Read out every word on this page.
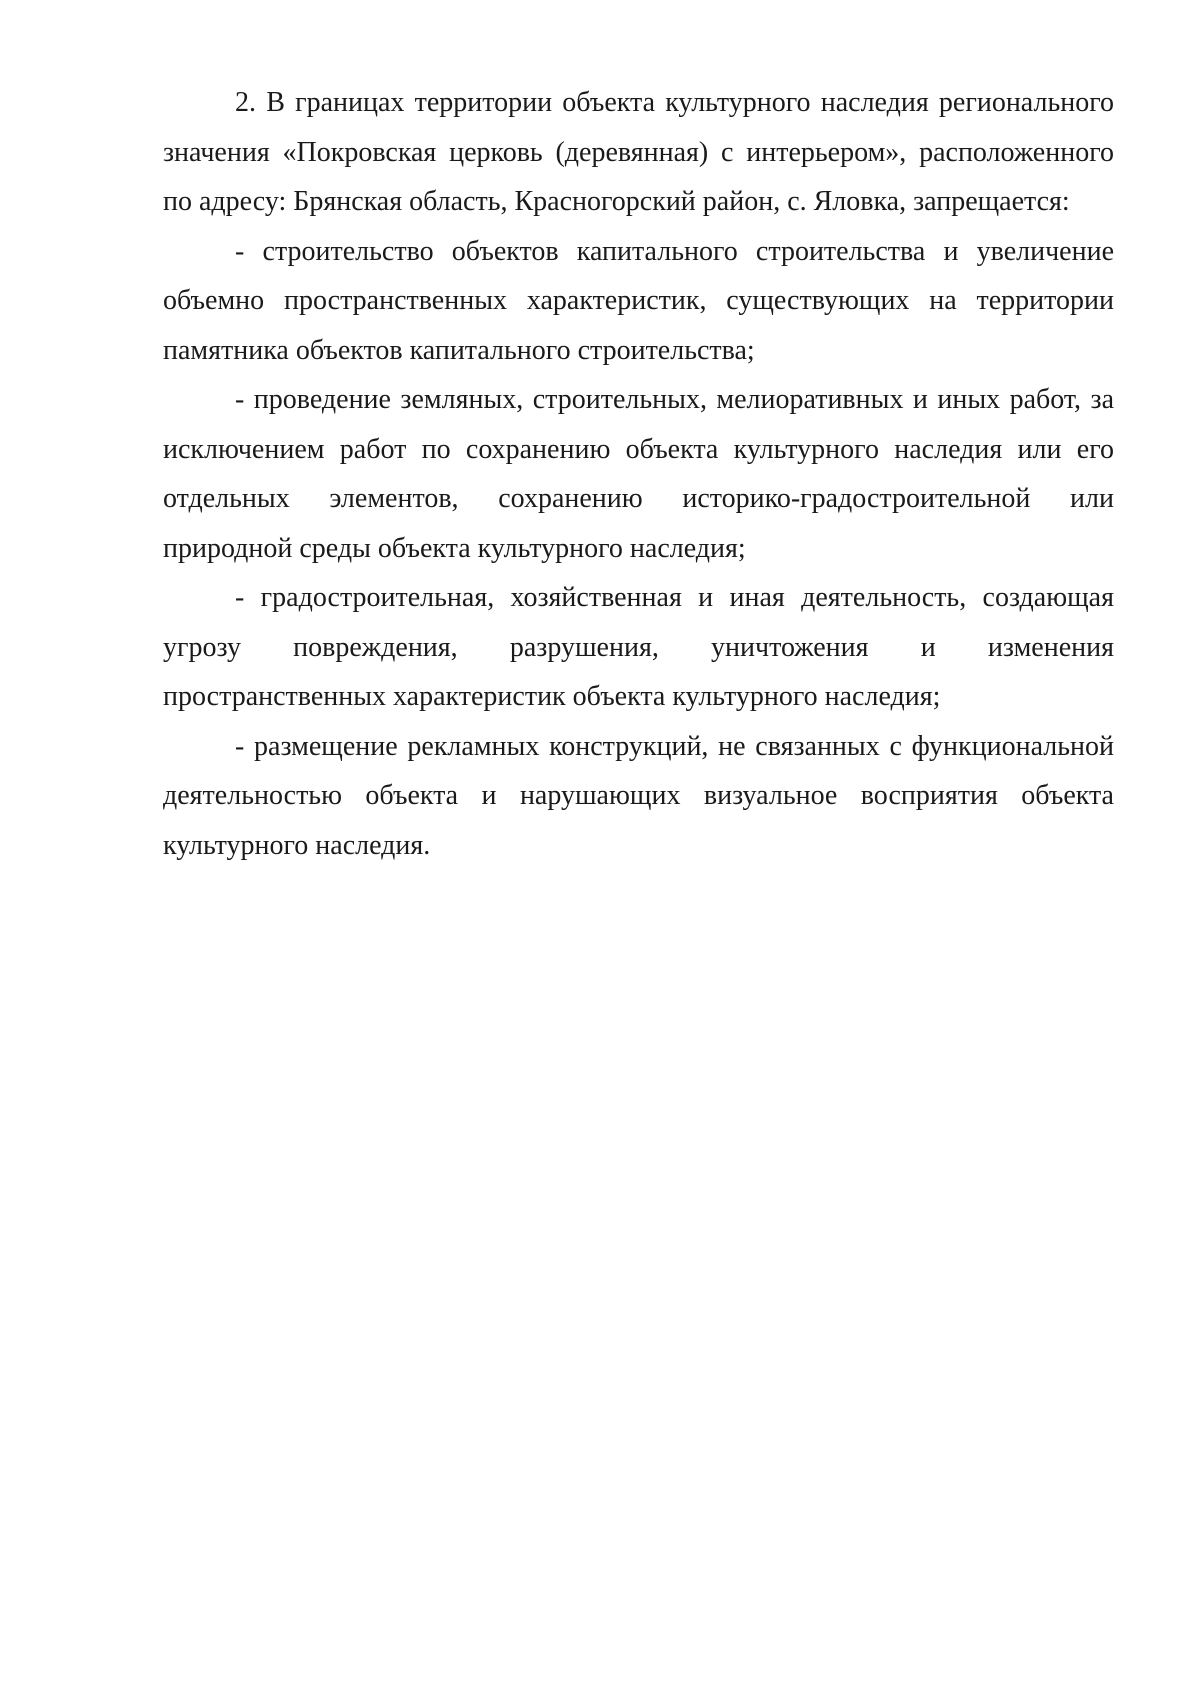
2. В границах территории объекта культурного наследия регионального значения «Покровская церковь (деревянная) с интерьером», расположенного по адресу: Брянская область, Красногорский район, с. Яловка, запрещается:

- строительство объектов капитального строительства и увеличение объемно пространственных характеристик, существующих на территории памятника объектов капитального строительства;

- проведение земляных, строительных, мелиоративных и иных работ, за исключением работ по сохранению объекта культурного наследия или его отдельных элементов, сохранению историко-градостроительной или природной среды объекта культурного наследия;

- градостроительная, хозяйственная и иная деятельность, создающая угрозу повреждения, разрушения, уничтожения и изменения пространственных характеристик объекта культурного наследия;

- размещение рекламных конструкций, не связанных с функциональной деятельностью объекта и нарушающих визуальное восприятия объекта культурного наследия.
